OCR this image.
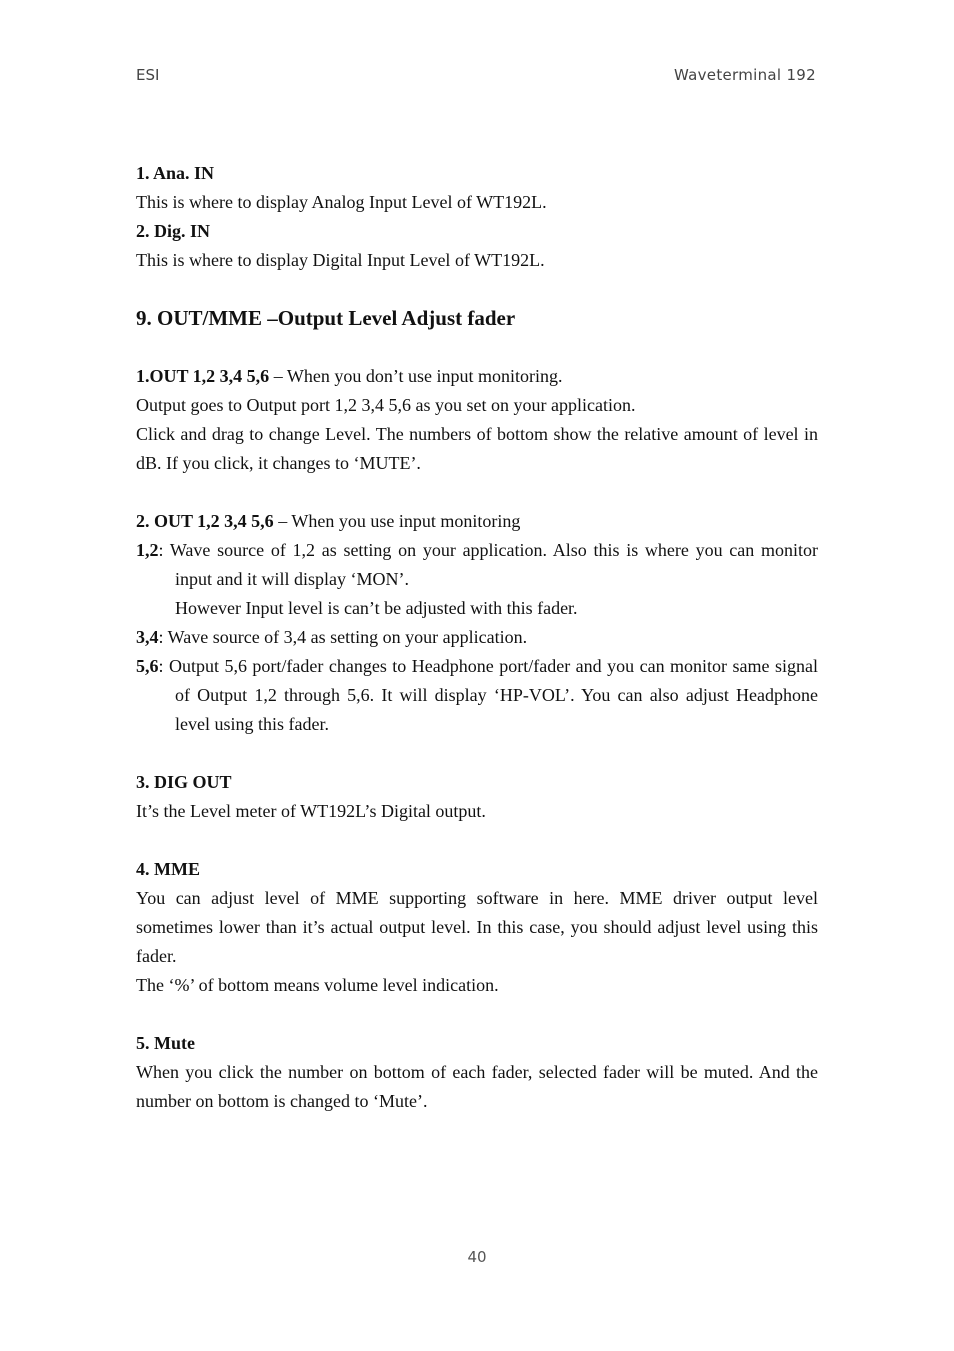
ESI	Waveterminal 192

1. Ana. IN

This is where to display Analog Input Level of WT192L.

2. Dig. IN

This is where to display Digital Input Level of WT192L.

9. OUT/MME –Output Level Adjust fader

1.OUT 1,2 3,4 5,6 – When you don’t use input monitoring.

Output goes to Output port 1,2 3,4 5,6 as you set on your application.

Click and drag to change Level. The numbers of bottom show the relative amount of level in dB. If you click, it changes to ‘MUTE’.

2. OUT 1,2 3,4 5,6 – When you use input monitoring

1,2: Wave source of 1,2 as setting on your application. Also this is where you can monitor input and it will display ‘MON’.

However Input level is can’t be adjusted with this fader.

3,4: Wave source of 3,4 as setting on your application.

5,6: Output 5,6 port/fader changes to Headphone port/fader and you can monitor same signal of Output 1,2 through 5,6. It will display ‘HP-VOL’. You can also adjust Headphone level using this fader.

3. DIG OUT

It’s the Level meter of WT192L’s Digital output.

4. MME

You can adjust level of MME supporting software in here. MME driver output level sometimes lower than it’s actual output level. In this case, you should adjust level using this fader.

The ‘%’ of bottom means volume level indication.

5. Mute

When you click the number on bottom of each fader, selected fader will be muted. And the number on bottom is changed to ‘Mute’.

40
